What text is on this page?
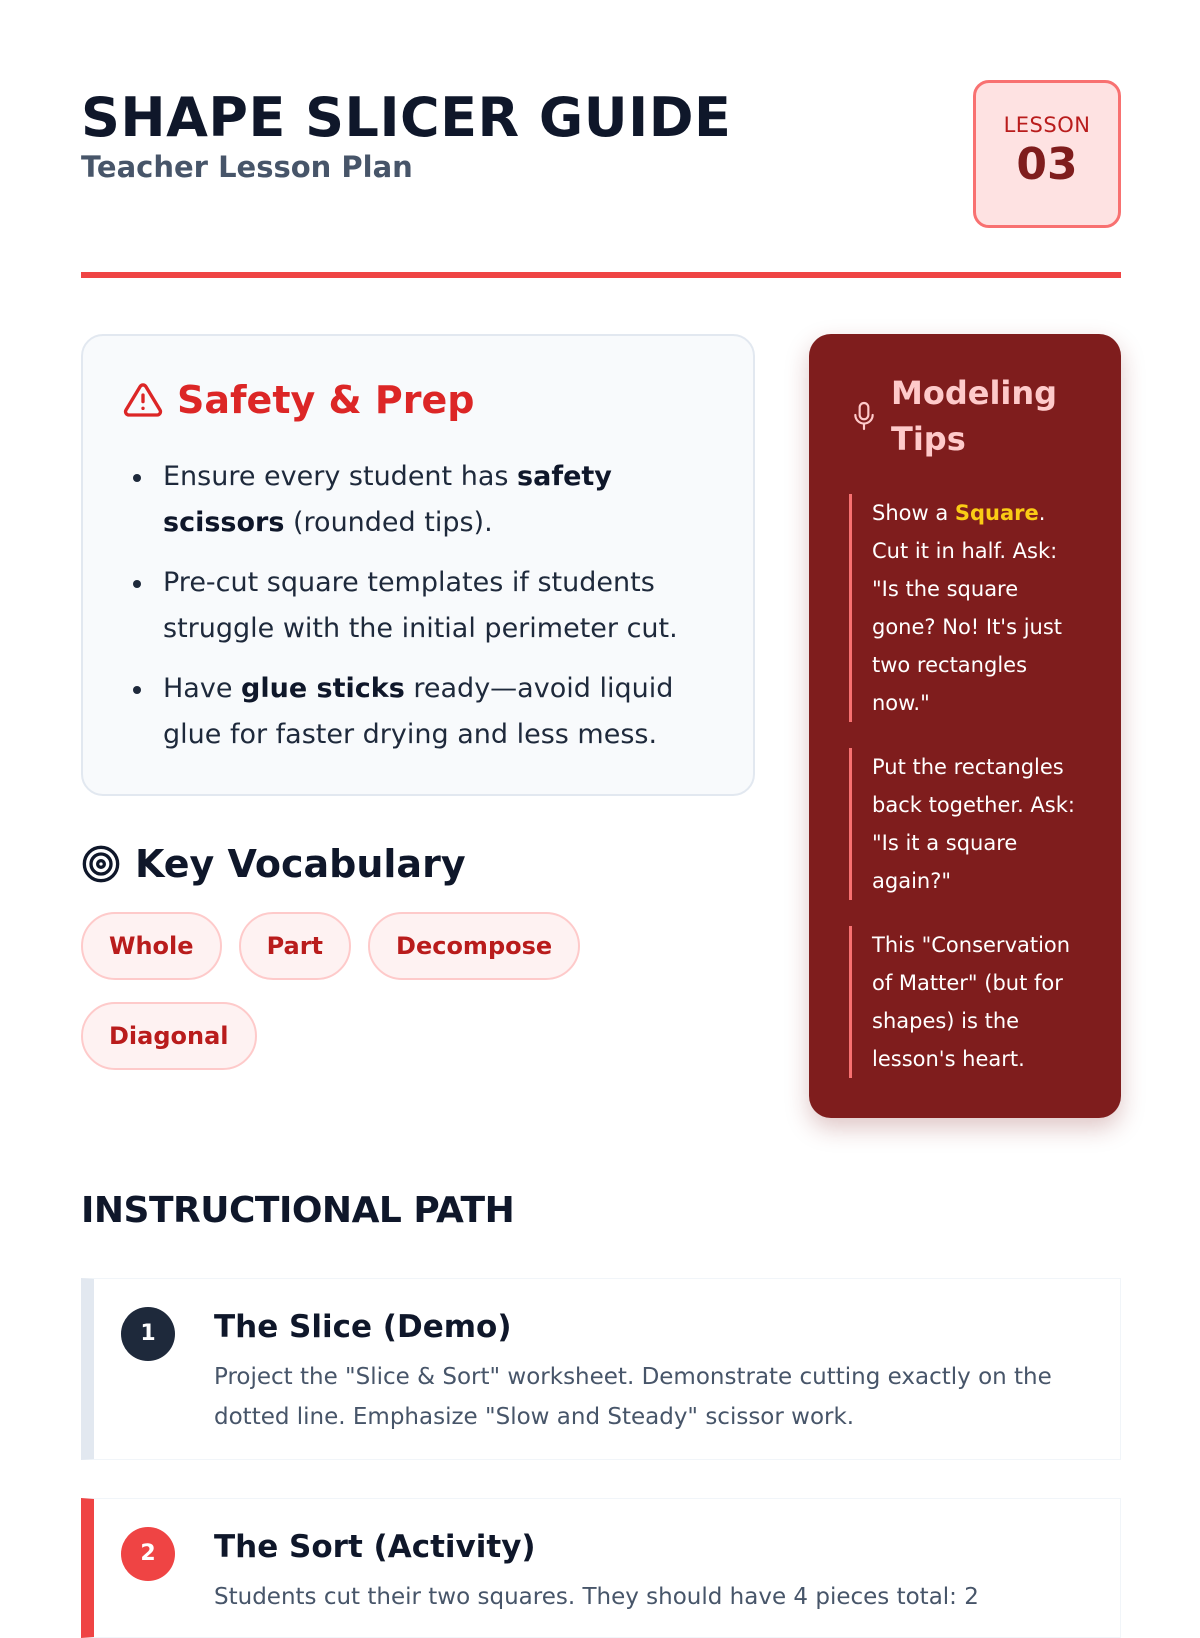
SHAPE SLICER GUIDE
Teacher Lesson Plan
LESSON
03
Safety & Prep
Ensure every student has safety scissors (rounded tips).
Pre-cut square templates if students struggle with the initial perimeter cut.
Have glue sticks ready—avoid liquid glue for faster drying and less mess.
Key Vocabulary
Whole	Part	DecomposeDiagonal
Modeling Tips
Show a Square. Cut it in half. Ask: "Is the square gone? No! It's just two rectangles now."
Put the rectangles back together. Ask: "Is it a square again?"
This "Conservation of Matter" (but for shapes) is the lesson's heart.
INSTRUCTIONAL PATH
1	The Slice (Demo)
Project the "Slice & Sort" worksheet. Demonstrate cutting exactly on the dotted line. Emphasize "Slow and Steady" scissor work.
2	The Sort (Activity)
Students cut their two squares. They should have 4 pieces total: 2
